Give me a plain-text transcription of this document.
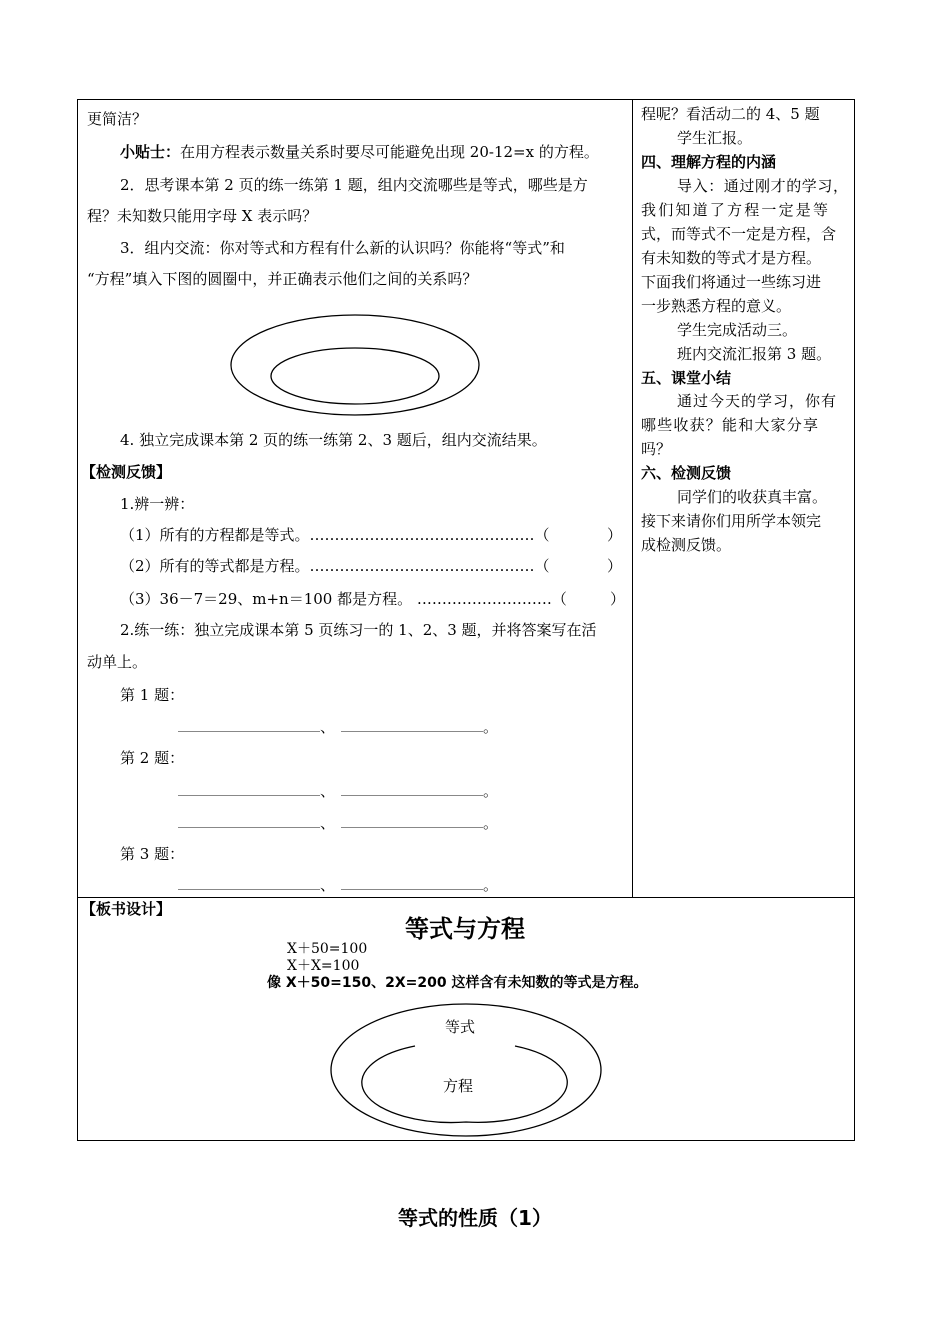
更简洁？
小贴士：在用方程表示数量关系时要尽可能避免出现 20-12=x 的方程。
2．思考课本第 2 页的练一练第 1 题，组内交流哪些是等式，哪些是方
程？未知数只能用字母 X 表示吗？
3．组内交流：你对等式和方程有什么新的认识吗？你能将“等式”和
“方程”填入下图的圆圈中，并正确表示他们之间的关系吗？
4. 独立完成课本第 2 页的练一练第 2、3 题后，组内交流结果。
【检测反馈】
1.辨一辨：
（1）所有的方程都是等式。………………………………………（	）
（2）所有的等式都是方程。………………………………………（	）
（3）36－7＝29、m+n＝100 都是方程。 ………………………（	）
2.练一练：独立完成课本第 5 页练习一的 1、2、3 题，并将答案写在活
动单上。
第 1 题：
、	。
第 2 题：
、	。
、	。
第 3 题：
、	。
程呢？看活动二的 4、5 题
学生汇报。
四、理解方程的内涵
导入：通过刚才的学习，
我们知道了方程一定是等
式，而等式不一定是方程，含
有未知数的等式才是方程。
下面我们将通过一些练习进
一步熟悉方程的意义。
学生完成活动三。
班内交流汇报第 3 题。
五、课堂小结
通过今天的学习，你有
哪些收获？能和大家分享
吗？
六、检测反馈
同学们的收获真丰富。
接下来请你们用所学本领完
成检测反馈。
【板书设计】
等式与方程
X＋50=100
X＋X=100
像 X＋50=150、2X=200 这样含有未知数的等式是方程。
等式
方程
等式的性质（1）
